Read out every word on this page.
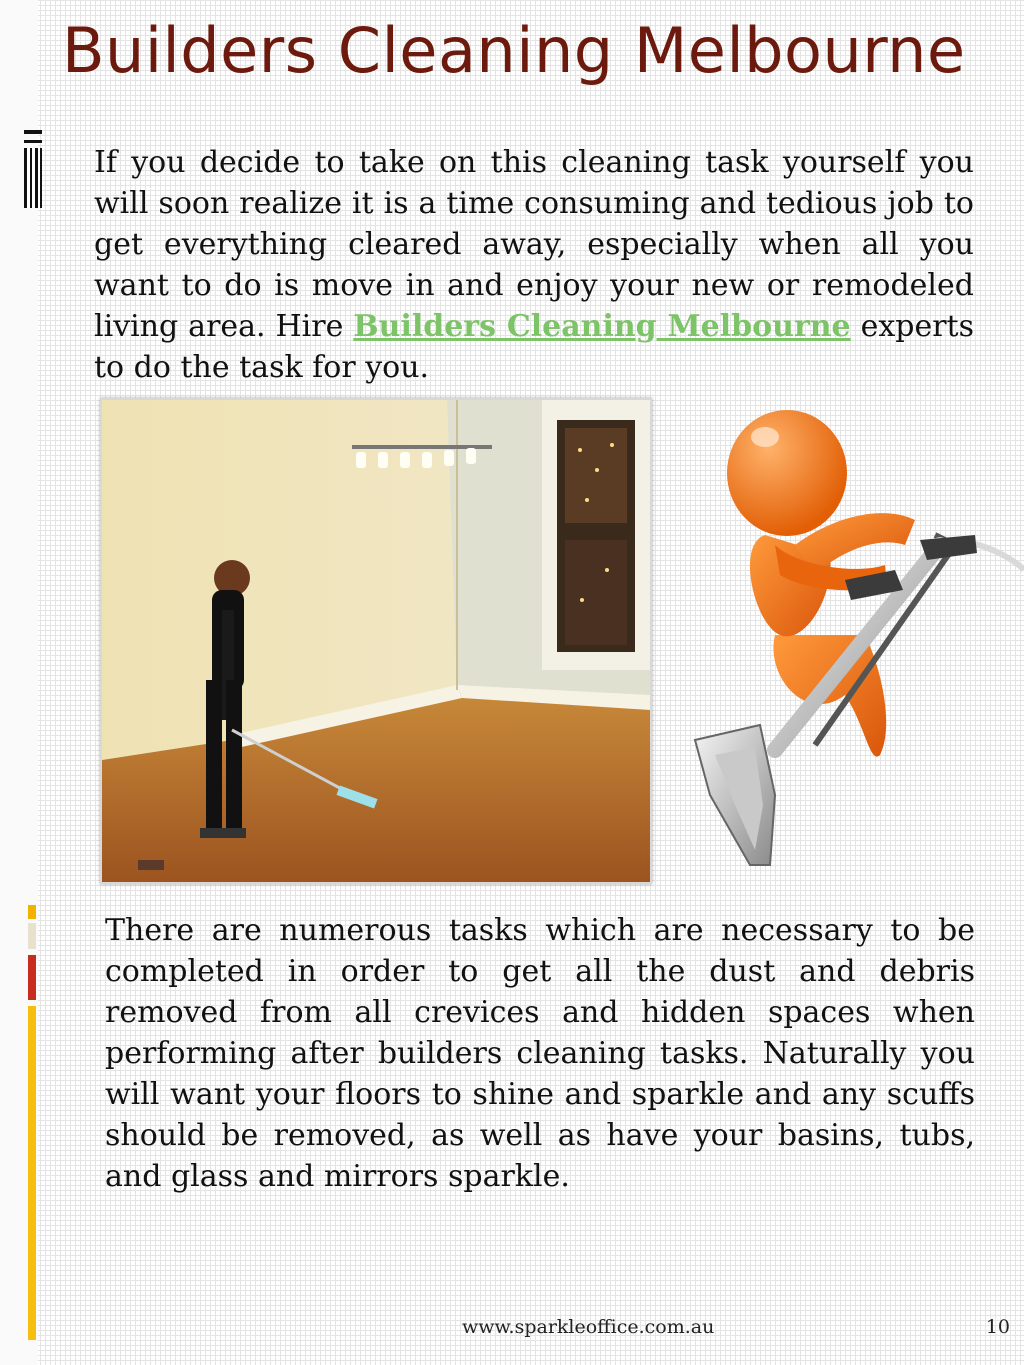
Builders Cleaning Melbourne

If you decide to take on this cleaning task yourself you will soon realize it is a time consuming and tedious job to get everything cleared away, especially when all you want to do is move in and enjoy your new or remodeled living area. Hire Builders Cleaning Melbourne experts to do the task for you.

There are numerous tasks which are necessary to be completed in order to get all the dust and debris removed from all crevices and hidden spaces when performing after builders cleaning tasks. Naturally you will want your floors to shine and sparkle and any scuffs should be removed, as well as have your basins, tubs, and glass and mirrors sparkle.

www.sparkleoffice.com.au	10
